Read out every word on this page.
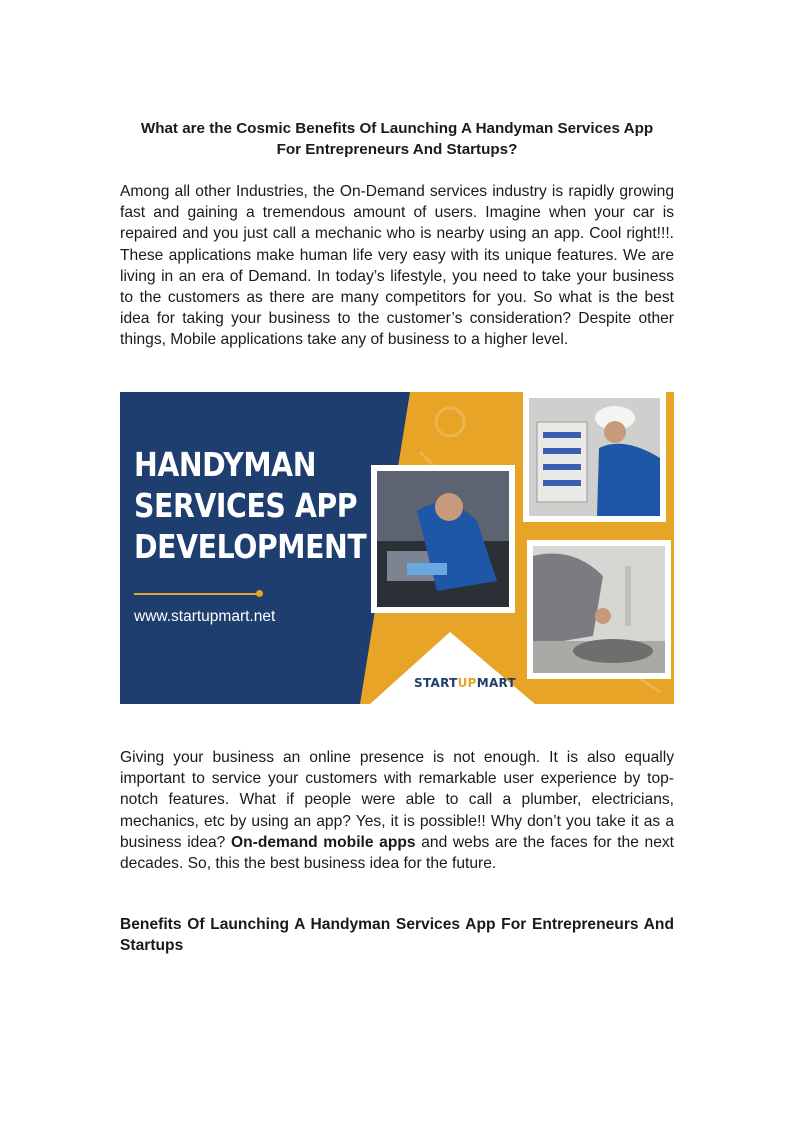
What are the Cosmic Benefits Of Launching A Handyman Services App
For Entrepreneurs And Startups?

Among all other Industries, the On-Demand services industry is rapidly growing fast and gaining a tremendous amount of users. Imagine when your car is repaired and you just call a mechanic who is nearby using an app. Cool right!!!. These applications make human life very easy with its unique features. We are living in an era of Demand. In today’s lifestyle, you need to take your business to the customers as there are many competitors for you. So what is the best idea for taking your business to the customer’s consideration? Despite other things, Mobile applications take any of business to a higher level.

Giving your business an online presence is not enough. It is also equally important to service your customers with remarkable user experience by top-notch features. What if people were able to call a plumber, electricians, mechanics, etc by using an app? Yes, it is possible!! Why don’t you take it as a business idea? On-demand mobile apps and webs are the faces for the next decades. So, this the best business idea for the future.

Benefits Of Launching A Handyman Services App For Entrepreneurs And Startups
HANDYMAN
SERVICES APP
DEVELOPMENT
www.startupmart.net
STARTUPMART
